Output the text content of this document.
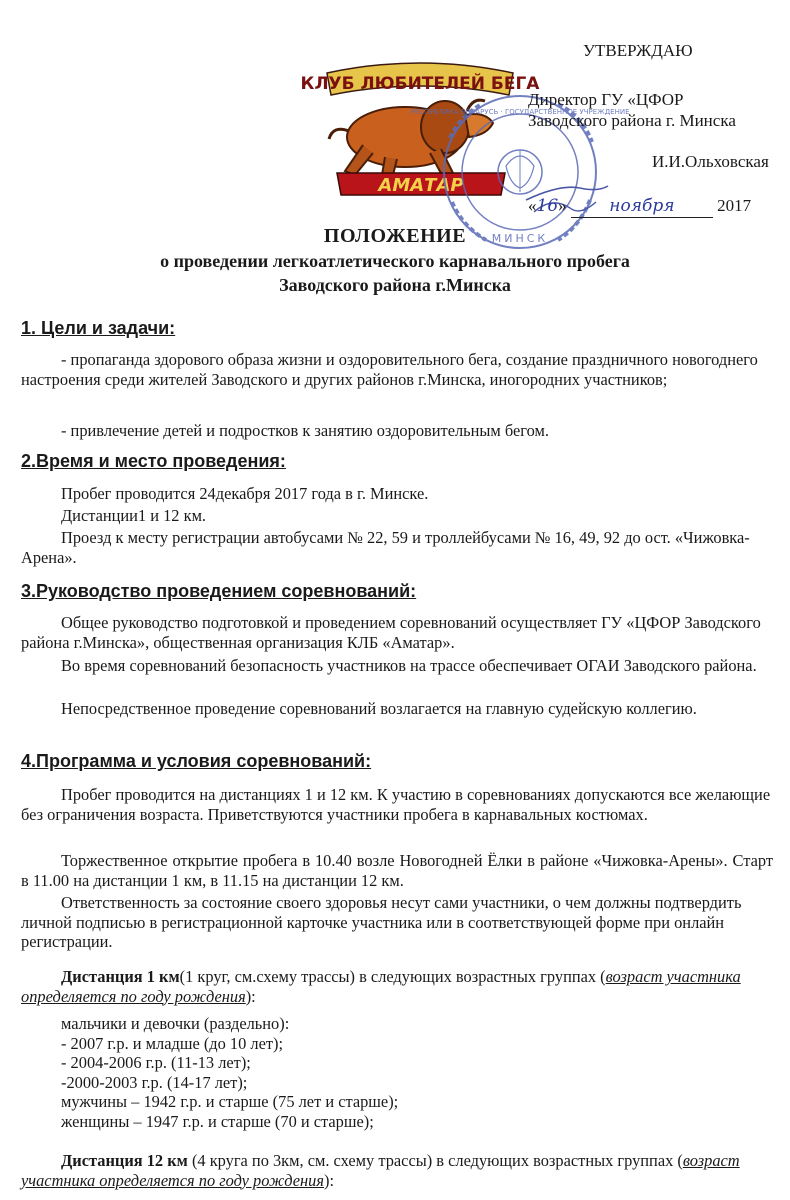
КЛУБ ЛЮБИТЕЛЕЙ БЕГА
АМАТАР
МИНСК
РЕСПУБЛИКА БЕЛАРУСЬ · ГОСУДАРСТВЕННОЕ УЧРЕЖДЕНИЕ
УТВЕРЖДАЮ
Директор ГУ «ЦФОР
Заводского района г. Минска
И.И.Ольховская
«16»	ноября	2017
ПОЛОЖЕНИЕ
о проведении легкоатлетического карнавального пробега
Заводского района г.Минска
1. Цели и задачи:
- пропаганда здорового образа жизни и оздоровительного бега, создание праздничного новогоднего настроения среди жителей Заводского и других районов г.Минска, иногородних участников;
- привлечение детей и подростков к занятию оздоровительным бегом.
2.Время и место проведения:
Пробег проводится 24декабря 2017 года в г. Минске.
Дистанции1 и 12 км.
Проезд к месту регистрации автобусами № 22, 59 и троллейбусами № 16, 49, 92 до ост. «Чижовка-Арена».
3.Руководство проведением соревнований:
Общее руководство подготовкой и проведением соревнований осуществляет ГУ «ЦФОР Заводского района г.Минска», общественная организация КЛБ «Аматар».
Во время соревнований безопасность участников на трассе обеспечивает ОГАИ Заводского района.
Непосредственное проведение соревнований возлагается на главную судейскую коллегию.
4.Программа и условия соревнований:
Пробег проводится на дистанциях 1 и 12 км. К участию в соревнованиях допускаются все желающие без ограничения возраста. Приветствуются участники пробега в карнавальных костюмах.
Торжественное открытие пробега в 10.40 возле Новогодней Ёлки в районе «Чижовка-Арены». Старт в 11.00 на дистанции 1 км, в 11.15 на дистанции 12 км.
Ответственность за состояние своего здоровья несут сами участники, о чем должны подтвердить личной подписью в регистрационной карточке участника или в соответствующей форме при онлайн регистрации.
Дистанция 1 км(1 круг, см.схему трассы) в следующих возрастных группах (возраст участника определяется по году рождения):
мальчики и девочки (раздельно):
- 2007 г.р. и младше (до 10 лет);
- 2004-2006 г.р. (11-13 лет);
-2000-2003 г.р. (14-17 лет);
мужчины – 1942 г.р. и старше (75 лет и старше);
женщины – 1947 г.р. и старше (70 и старше);
Дистанция 12 км (4 круга по 3км, см. схему трассы) в следующих возрастных группах (возраст участника определяется по году рождения):
